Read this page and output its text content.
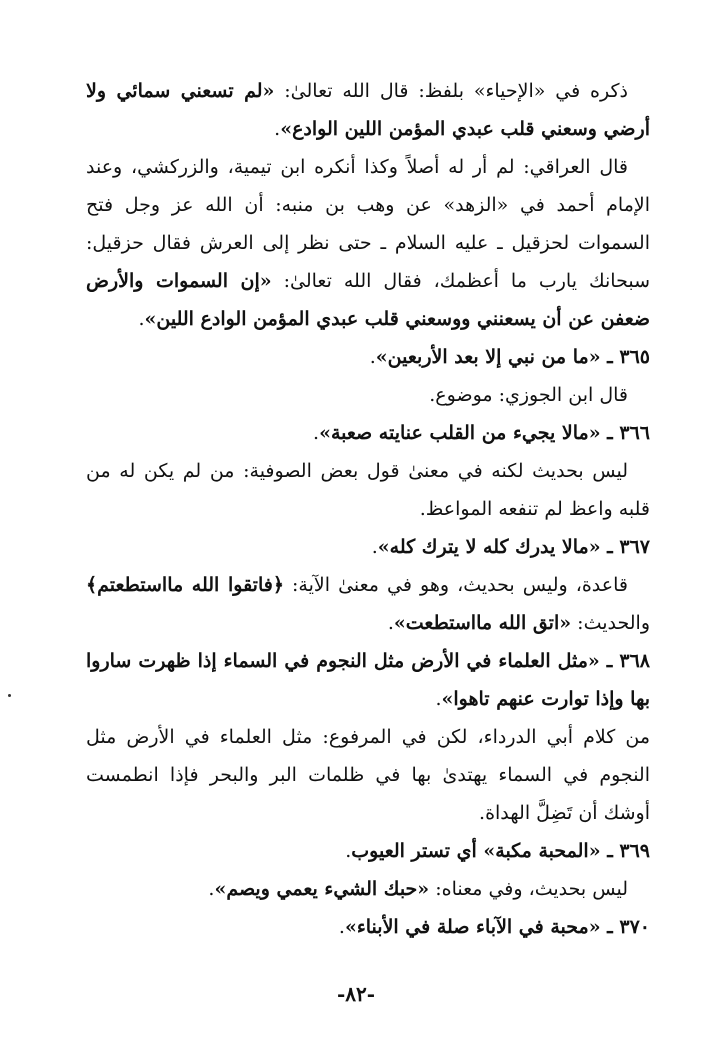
ذكره في «الإحياء» بلفظ: قال الله تعالىٰ: «لم تسعني سمائي ولا أرضي وسعني قلب عبدي المؤمن اللين الوادع».

قال العراقي: لم أر له أصلاً وكذا أنكره ابن تيمية، والزركشي، وعند الإمام أحمد في «الزهد» عن وهب بن منبه: أن الله عز وجل فتح السموات لحزقيل ـ عليه السلام ـ حتى نظر إلى العرش فقال حزقيل: سبحانك يارب ما أعظمك، فقال الله تعالىٰ: «إن السموات والأرض ضعفن عن أن يسعنني ووسعني قلب عبدي المؤمن الوادع اللين».

٣٦٥ ـ «ما من نبي إلا بعد الأربعين».

قال ابن الجوزي: موضوع.

٣٦٦ ـ «مالا يجيء من القلب عنايته صعبة».

ليس بحديث لكنه في معنىٰ قول بعض الصوفية: من لم يكن له من قلبه واعظ لم تنفعه المواعظ.

٣٦٧ ـ «مالا يدرك كله لا يترك كله».

قاعدة، وليس بحديث، وهو في معنىٰ الآية: ﴿فاتقوا الله مااستطعتم﴾ والحديث: «اتق الله مااستطعت».

٣٦٨ ـ «مثل العلماء في الأرض مثل النجوم في السماء إذا ظهرت ساروا بها وإذا توارت عنهم تاهوا».

من كلام أبي الدرداء، لكن في المرفوع: مثل العلماء في الأرض مثل النجوم في السماء يهتدىٰ بها في ظلمات البر والبحر فإذا انطمست أوشك أن تَضِلَّ الهداة.

٣٦٩ ـ «المحبة مكبة» أي تستر العيوب.

ليس بحديث، وفي معناه: «حبك الشيء يعمي ويصم».

٣٧٠ ـ «محبة في الآباء صلة في الأبناء».

-٨٢-
